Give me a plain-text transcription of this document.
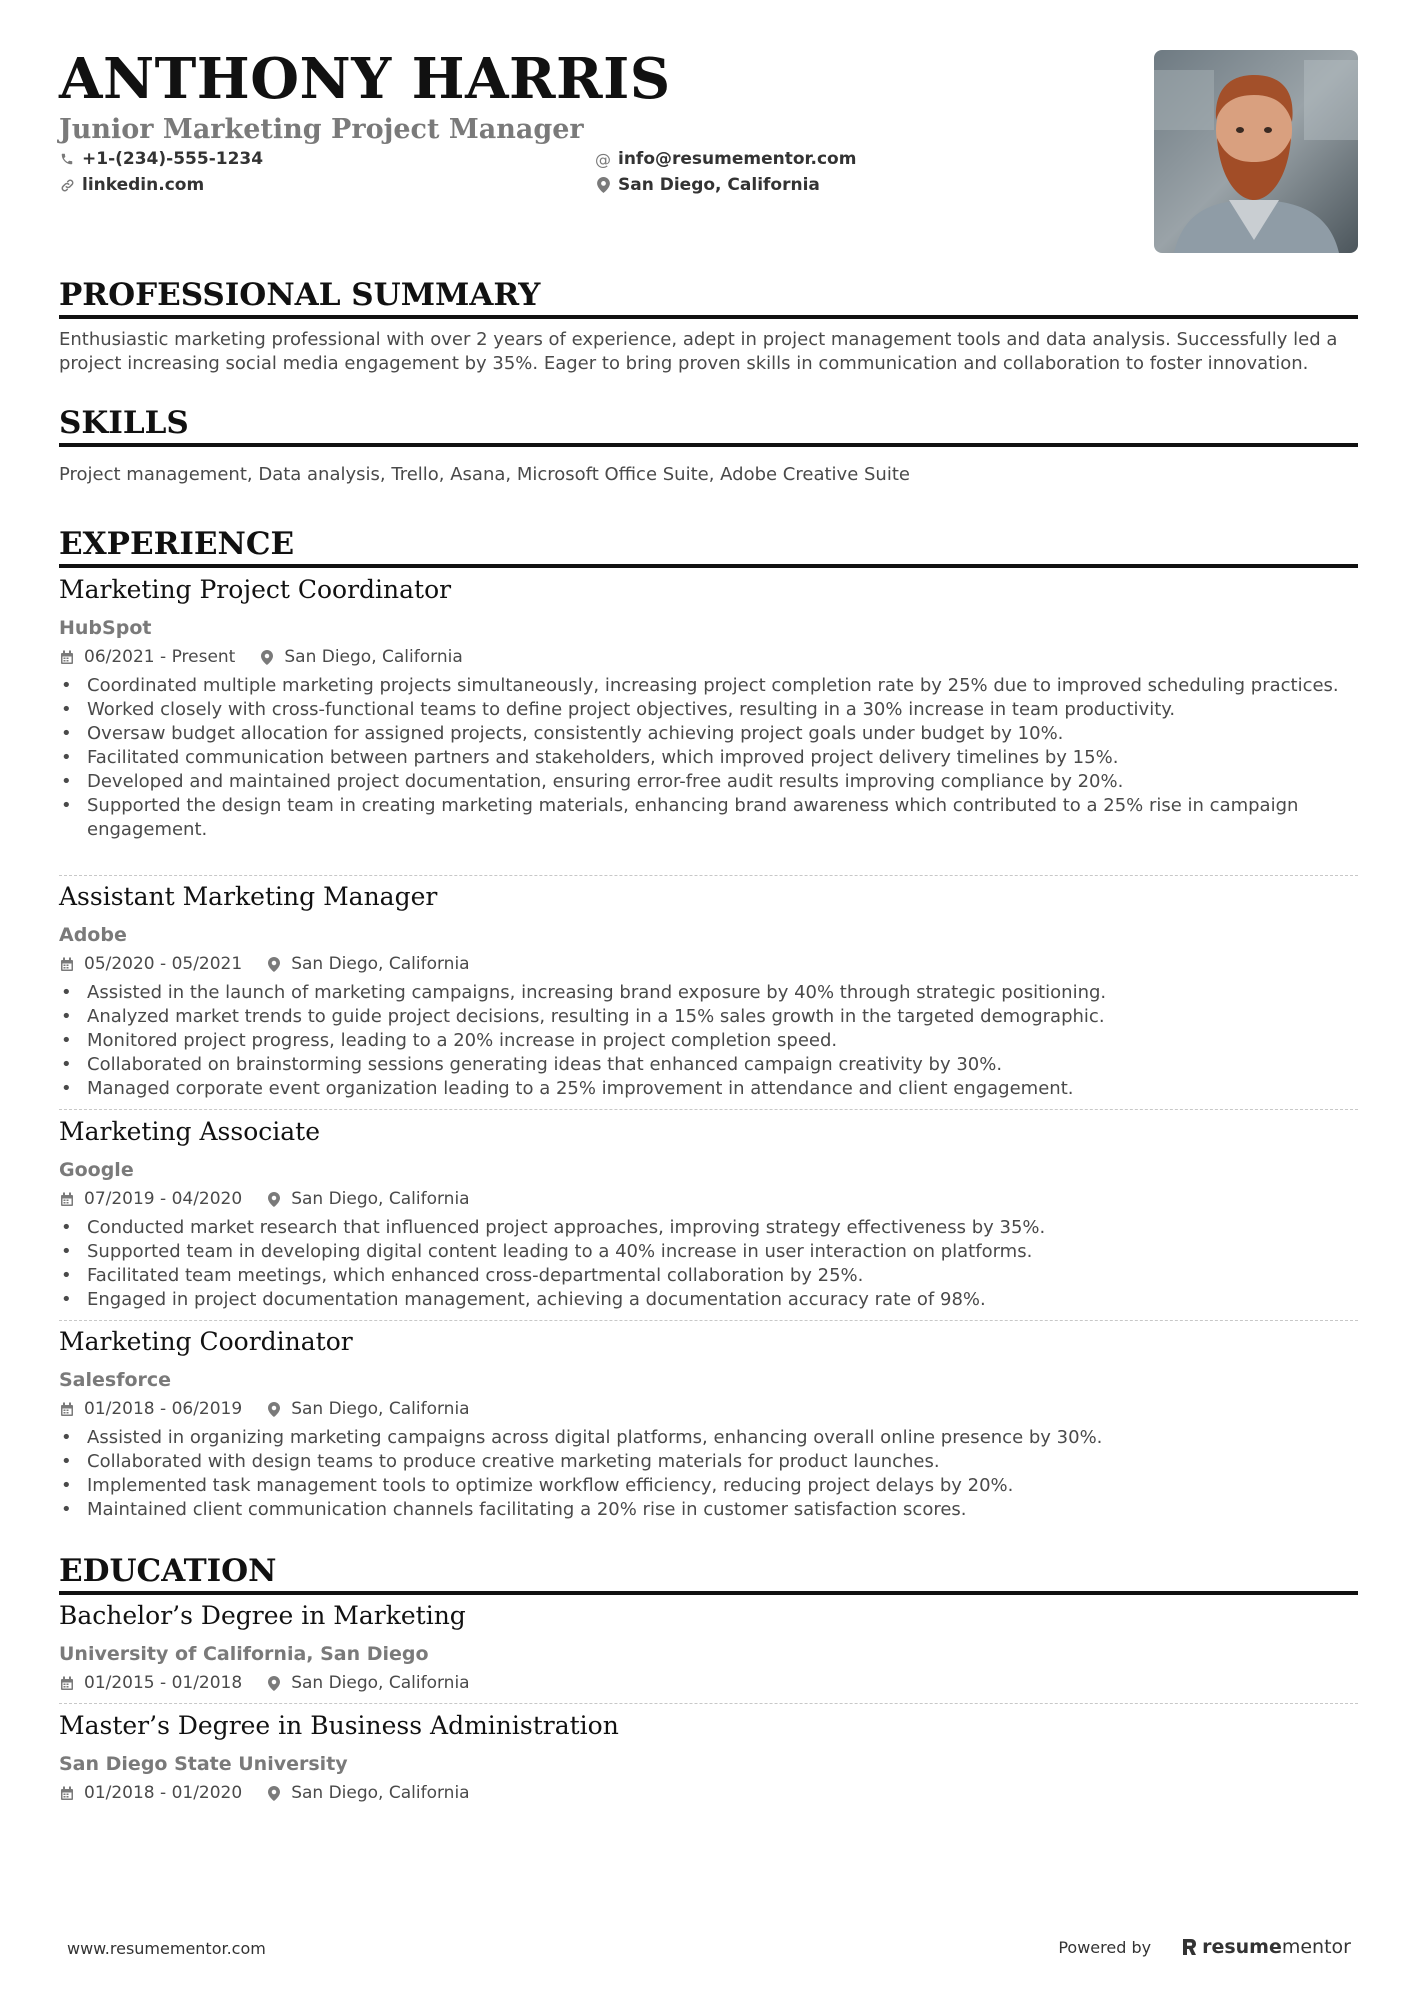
ANTHONY HARRIS
Junior Marketing Project Manager
+1-(234)-555-1234
linkedin.com
@ info@resumementor.com
San Diego, California
PROFESSIONAL SUMMARY
Enthusiastic marketing professional with over 2 years of experience, adept in project management tools and data analysis. Successfully led a project increasing social media engagement by 35%. Eager to bring proven skills in communication and collaboration to foster innovation.
SKILLS
Project management, Data analysis, Trello, Asana, Microsoft Office Suite, Adobe Creative Suite
EXPERIENCE
Marketing Project Coordinator
HubSpot
06/2021 - Present	San Diego, California
• Coordinated multiple marketing projects simultaneously, increasing project completion rate by 25% due to improved scheduling practices.
• Worked closely with cross-functional teams to define project objectives, resulting in a 30% increase in team productivity.
• Oversaw budget allocation for assigned projects, consistently achieving project goals under budget by 10%.
• Facilitated communication between partners and stakeholders, which improved project delivery timelines by 15%.
• Developed and maintained project documentation, ensuring error-free audit results improving compliance by 20%.
• Supported the design team in creating marketing materials, enhancing brand awareness which contributed to a 25% rise in campaign engagement.
Assistant Marketing Manager
Adobe
05/2020 - 05/2021	San Diego, California
• Assisted in the launch of marketing campaigns, increasing brand exposure by 40% through strategic positioning.
• Analyzed market trends to guide project decisions, resulting in a 15% sales growth in the targeted demographic.
• Monitored project progress, leading to a 20% increase in project completion speed.
• Collaborated on brainstorming sessions generating ideas that enhanced campaign creativity by 30%.
• Managed corporate event organization leading to a 25% improvement in attendance and client engagement.
Marketing Associate
Google
07/2019 - 04/2020	San Diego, California
• Conducted market research that influenced project approaches, improving strategy effectiveness by 35%.
• Supported team in developing digital content leading to a 40% increase in user interaction on platforms.
• Facilitated team meetings, which enhanced cross-departmental collaboration by 25%.
• Engaged in project documentation management, achieving a documentation accuracy rate of 98%.
Marketing Coordinator
Salesforce
01/2018 - 06/2019	San Diego, California
• Assisted in organizing marketing campaigns across digital platforms, enhancing overall online presence by 30%.
• Collaborated with design teams to produce creative marketing materials for product launches.
• Implemented task management tools to optimize workflow efficiency, reducing project delays by 20%.
• Maintained client communication channels facilitating a 20% rise in customer satisfaction scores.
EDUCATION
Bachelor’s Degree in Marketing
University of California, San Diego
01/2015 - 01/2018	San Diego, California
Master’s Degree in Business Administration
San Diego State University
01/2018 - 01/2020	San Diego, California
www.resumementor.com	Powered by	resume mentor
